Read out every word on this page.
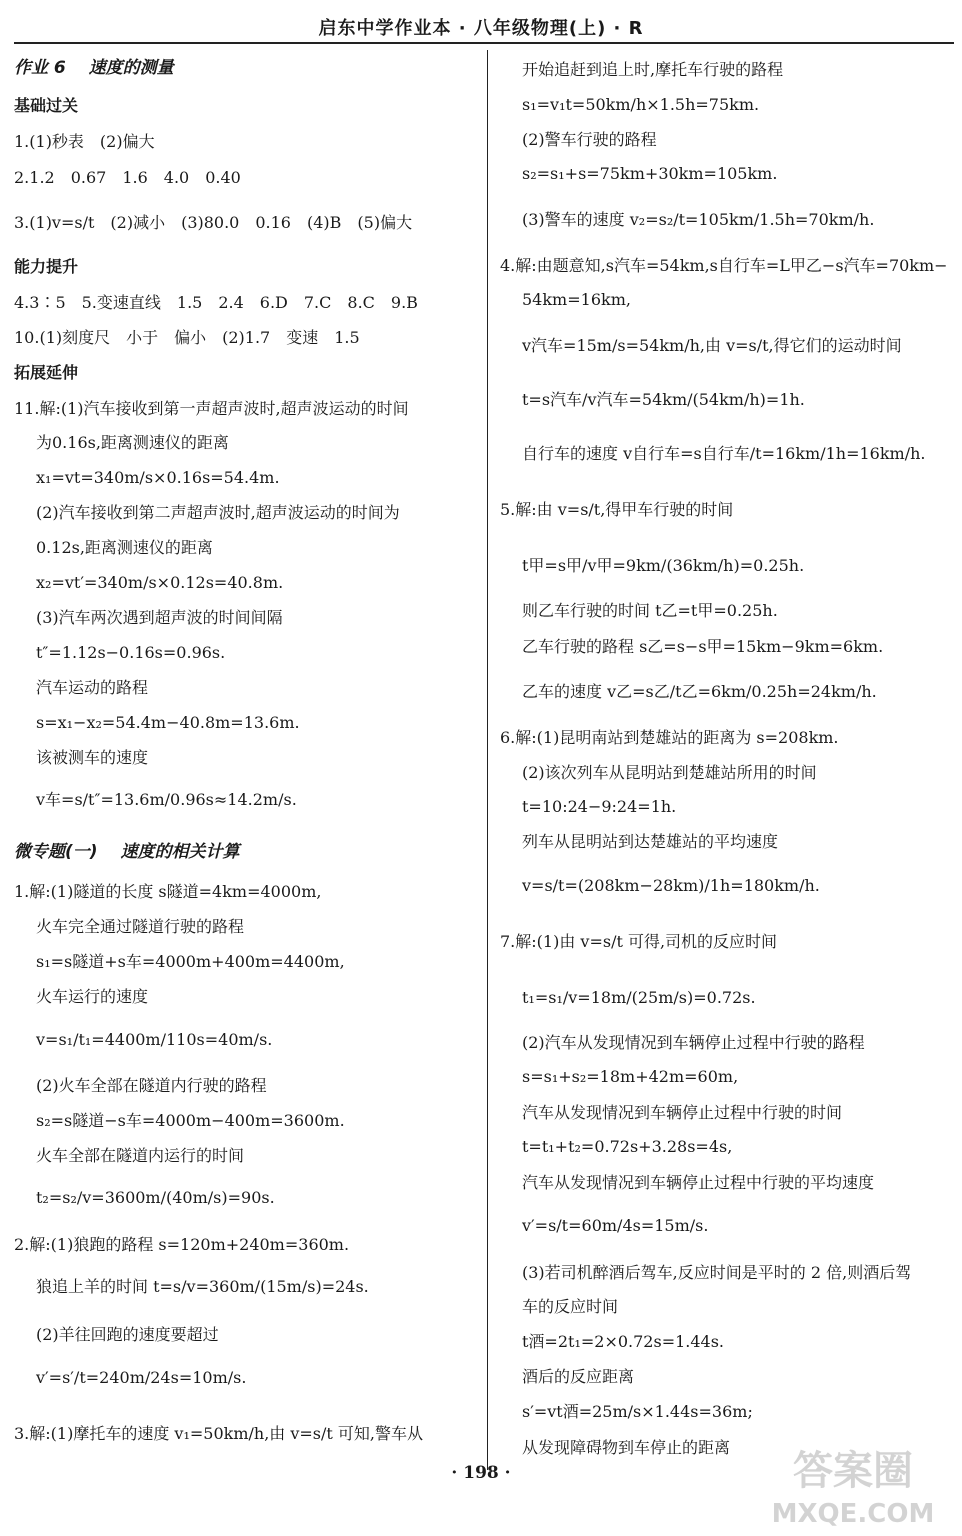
启东中学作业本 · 八年级物理(上) · R
作业 6　 速度的测量
基础过关
1.(1)秒表　(2)偏大
2.1.2　0.67　1.6　4.0　0.40
3.(1)v=s/t　(2)减小　(3)80.0　0.16　(4)B　(5)偏大
能力提升
4.3∶5　5.变速直线　1.5　2.4　6.D　7.C　8.C　9.B
10.(1)刻度尺　小于　偏小　(2)1.7　变速　1.5
拓展延伸
11.解:(1)汽车接收到第一声超声波时,超声波运动的时间
为0.16s,距离测速仪的距离
x₁=vt=340m/s×0.16s=54.4m.
(2)汽车接收到第二声超声波时,超声波运动的时间为
0.12s,距离测速仪的距离
x₂=vt′=340m/s×0.12s=40.8m.
(3)汽车两次遇到超声波的时间间隔
t″=1.12s−0.16s=0.96s.
汽车运动的路程
s=x₁−x₂=54.4m−40.8m=13.6m.
该被测车的速度
v车=s/t″=13.6m/0.96s≈14.2m/s.
微专题(一)　 速度的相关计算
1.解:(1)隧道的长度 s隧道=4km=4000m,
火车完全通过隧道行驶的路程
s₁=s隧道+s车=4000m+400m=4400m,
火车运行的速度
v=s₁/t₁=4400m/110s=40m/s.
(2)火车全部在隧道内行驶的路程
s₂=s隧道−s车=4000m−400m=3600m.
火车全部在隧道内运行的时间
t₂=s₂/v=3600m/(40m/s)=90s.
2.解:(1)狼跑的路程 s=120m+240m=360m.
狼追上羊的时间 t=s/v=360m/(15m/s)=24s.
(2)羊往回跑的速度要超过
v′=s′/t=240m/24s=10m/s.
3.解:(1)摩托车的速度 v₁=50km/h,由 v=s/t 可知,警车从
开始追赶到追上时,摩托车行驶的路程
s₁=v₁t=50km/h×1.5h=75km.
(2)警车行驶的路程
s₂=s₁+s=75km+30km=105km.
(3)警车的速度 v₂=s₂/t=105km/1.5h=70km/h.
4.解:由题意知,s汽车=54km,s自行车=L甲乙−s汽车=70km−
54km=16km,
v汽车=15m/s=54km/h,由 v=s/t,得它们的运动时间
t=s汽车/v汽车=54km/(54km/h)=1h.
自行车的速度 v自行车=s自行车/t=16km/1h=16km/h.
5.解:由 v=s/t,得甲车行驶的时间
t甲=s甲/v甲=9km/(36km/h)=0.25h.
则乙车行驶的时间 t乙=t甲=0.25h.
乙车行驶的路程 s乙=s−s甲=15km−9km=6km.
乙车的速度 v乙=s乙/t乙=6km/0.25h=24km/h.
6.解:(1)昆明南站到楚雄站的距离为 s=208km.
(2)该次列车从昆明站到楚雄站所用的时间
t=10:24−9:24=1h.
列车从昆明站到达楚雄站的平均速度
v=s/t=(208km−28km)/1h=180km/h.
7.解:(1)由 v=s/t 可得,司机的反应时间
t₁=s₁/v=18m/(25m/s)=0.72s.
(2)汽车从发现情况到车辆停止过程中行驶的路程
s=s₁+s₂=18m+42m=60m,
汽车从发现情况到车辆停止过程中行驶的时间
t=t₁+t₂=0.72s+3.28s=4s,
汽车从发现情况到车辆停止过程中行驶的平均速度
v′=s/t=60m/4s=15m/s.
(3)若司机醉酒后驾车,反应时间是平时的 2 倍,则酒后驾
车的反应时间
t酒=2t₁=2×0.72s=1.44s.
酒后的反应距离
s′=vt酒=25m/s×1.44s=36m;
从发现障碍物到车停止的距离
· 198 ·	答案圈
MXQE.COM
